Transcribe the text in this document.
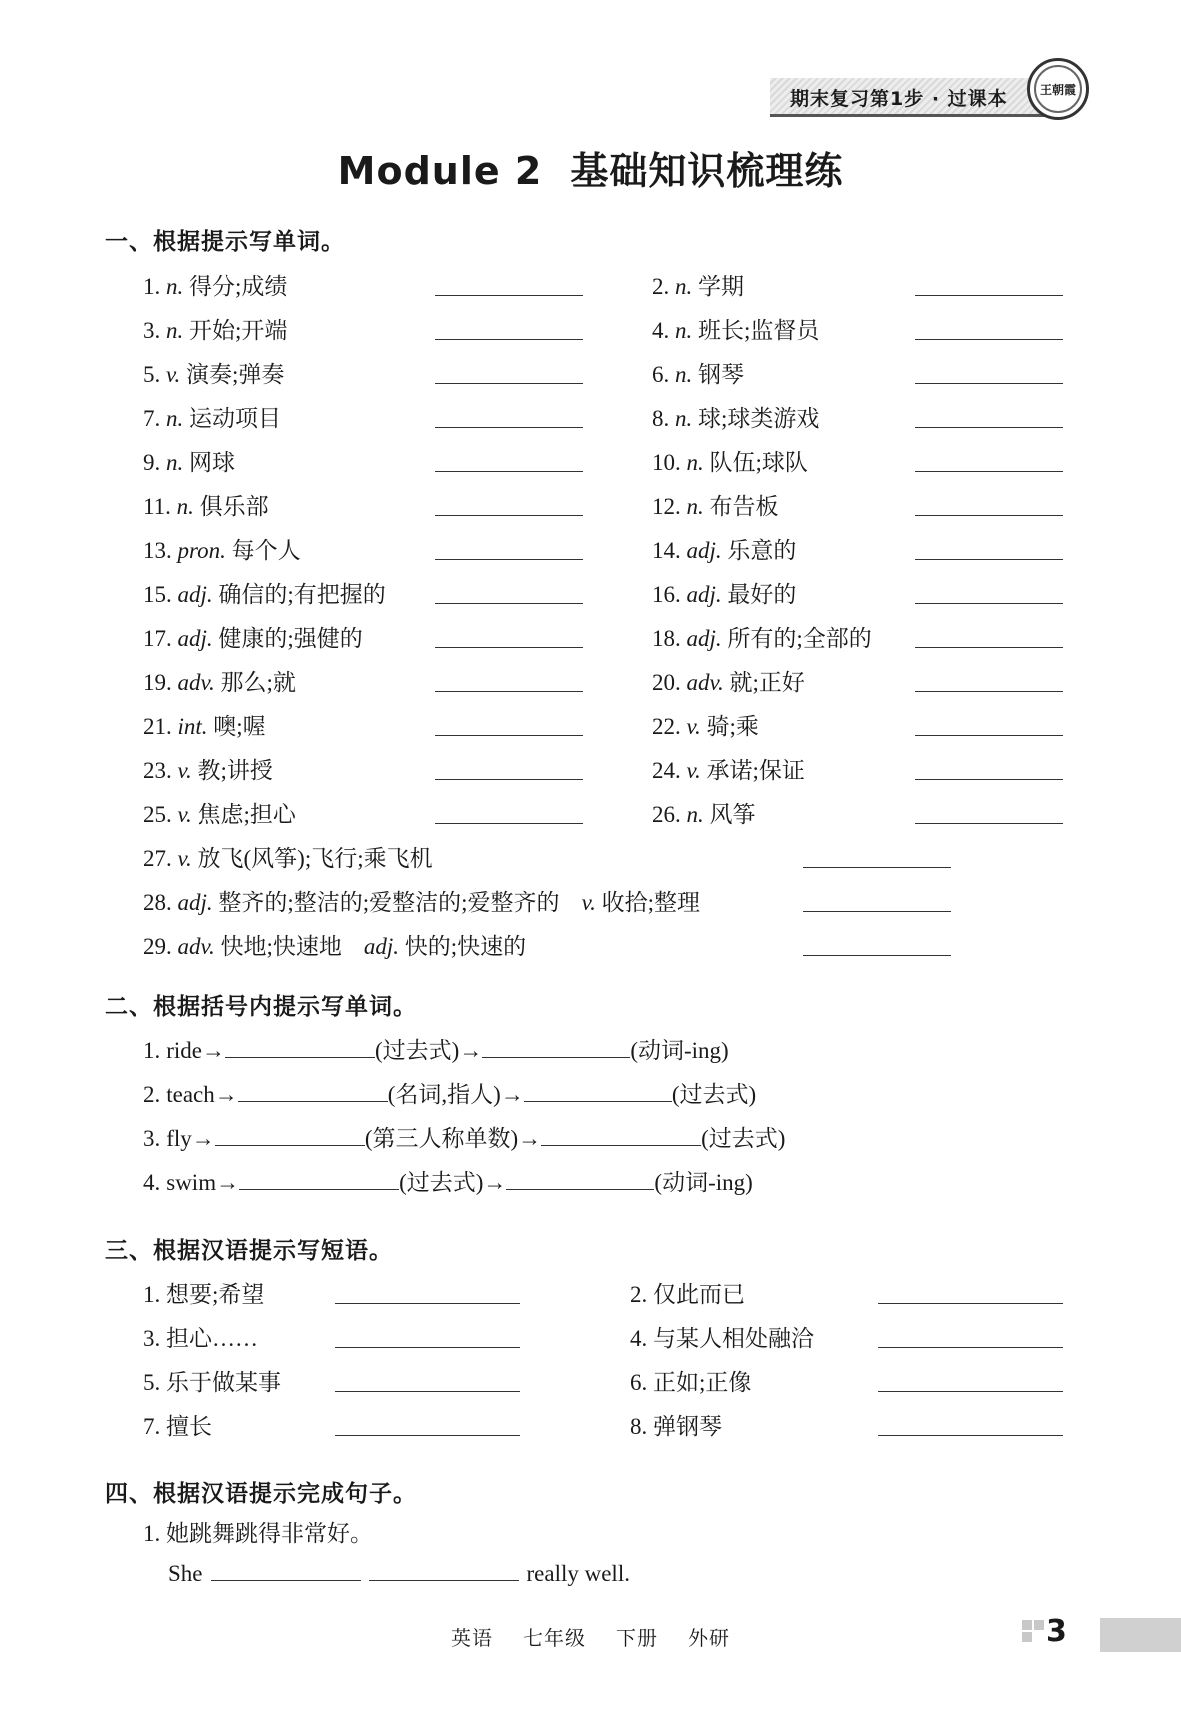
期末复习第1步 · 过课本	王朝霞
Module 2 基础知识梳理练
一、根据提示写单词。
1. n. 得分;成绩	2. n. 学期
3. n. 开始;开端	4. n. 班长;监督员
5. v. 演奏;弹奏	6. n. 钢琴
7. n. 运动项目	8. n. 球;球类游戏
9. n. 网球	10. n. 队伍;球队
11. n. 俱乐部	12. n. 布告板
13. pron. 每个人	14. adj. 乐意的
15. adj. 确信的;有把握的	16. adj. 最好的
17. adj. 健康的;强健的	18. adj. 所有的;全部的
19. adv. 那么;就	20. adv. 就;正好
21. int. 噢;喔	22. v. 骑;乘
23. v. 教;讲授	24. v. 承诺;保证
25. v. 焦虑;担心	26. n. 风筝
27. v. 放飞(风筝);飞行;乘飞机
28. adj. 整齐的;整洁的;爱整洁的;爱整齐的 v. 收拾;整理
29. adv. 快地;快速地 adj. 快的;快速的
二、根据括号内提示写单词。
1. ride→	(过去式)→	(动词-ing)
2. teach→	(名词,指人)→	(过去式)
3. fly→	(第三人称单数)→	(过去式)
4. swim→	(过去式)→	(动词-ing)
三、根据汉语提示写短语。
1. 想要;希望	2. 仅此而已
3. 担心……	4. 与某人相处融洽
5. 乐于做某事	6. 正如;正像
7. 擅长	8. 弹钢琴
四、根据汉语提示完成句子。
1. 她跳舞跳得非常好。
She	really well.
英语 七年级 下册 外研	3
